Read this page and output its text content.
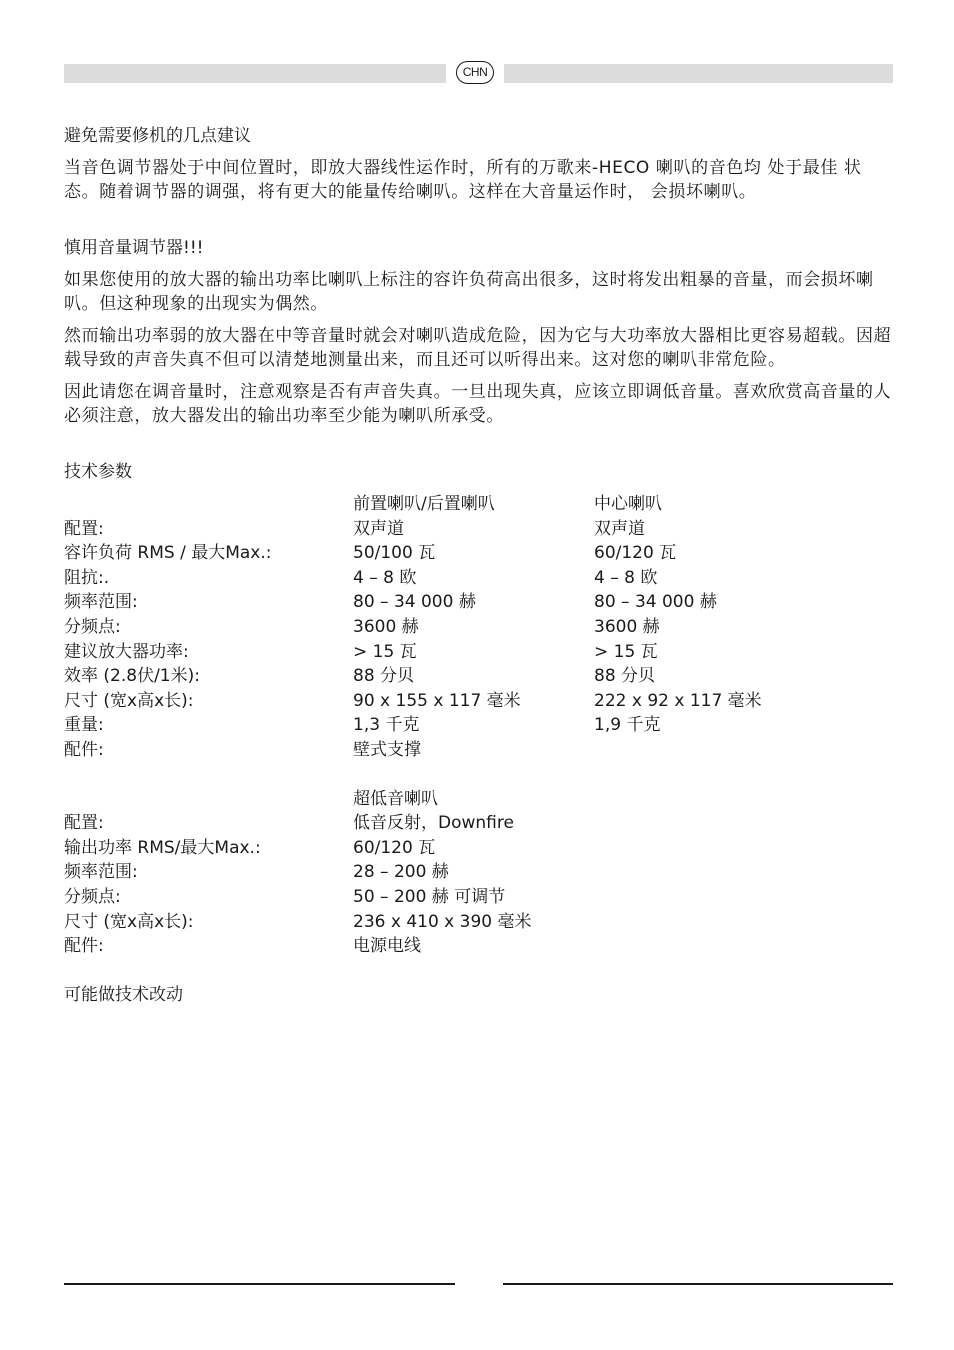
CHN
避免需要修机的几点建议

当音色调节器处于中间位置时，即放大器线性运作时，所有的万歌来-HECO 喇叭的音色均 处于最佳 状态。随着调节器的调强，将有更大的能量传给喇叭。这样在大音量运作时， 会损坏喇叭。

慎用音量调节器!!!

如果您使用的放大器的输出功率比喇叭上标注的容许负荷高出很多，这时将发出粗暴的音量，而会损坏喇叭。但这种现象的出现实为偶然。

然而输出功率弱的放大器在中等音量时就会对喇叭造成危险，因为它与大功率放大器相比更容易超载。因超载导致的声音失真不但可以清楚地测量出来，而且还可以听得出来。这对您的喇叭非常危险。

因此请您在调音量时，注意观察是否有声音失真。一旦出现失真，应该立即调低音量。喜欢欣赏高音量的人必须注意，放大器发出的输出功率至少能为喇叭所承受。

技术参数
	前置喇叭/后置喇叭	中心喇叭
配置:	双声道	双声道
容许负荷 RMS / 最大Max.:	50/100 瓦	60/120 瓦
阻抗:.	4 – 8 欧	4 – 8 欧
频率范围:	80 – 34 000 赫	80 – 34 000 赫
分频点:	3600 赫	3600 赫
建议放大器功率:	> 15 瓦	> 15 瓦
效率 (2.8伏/1米):	88 分贝	88 分贝
尺寸 (宽x高x长):	90 x 155 x 117 毫米	222 x 92 x 117 毫米
重量:	1,3 千克	1,9 千克
配件:	壁式支撑	
	超低音喇叭
配置:	低音反射，Downfire
输出功率 RMS/最大Max.:	60/120 瓦
频率范围:	28 – 200 赫
分频点:	50 – 200 赫 可调节
尺寸 (宽x高x长):	236 x 410 x 390 毫米
配件:	电源电线
可能做技术改动
